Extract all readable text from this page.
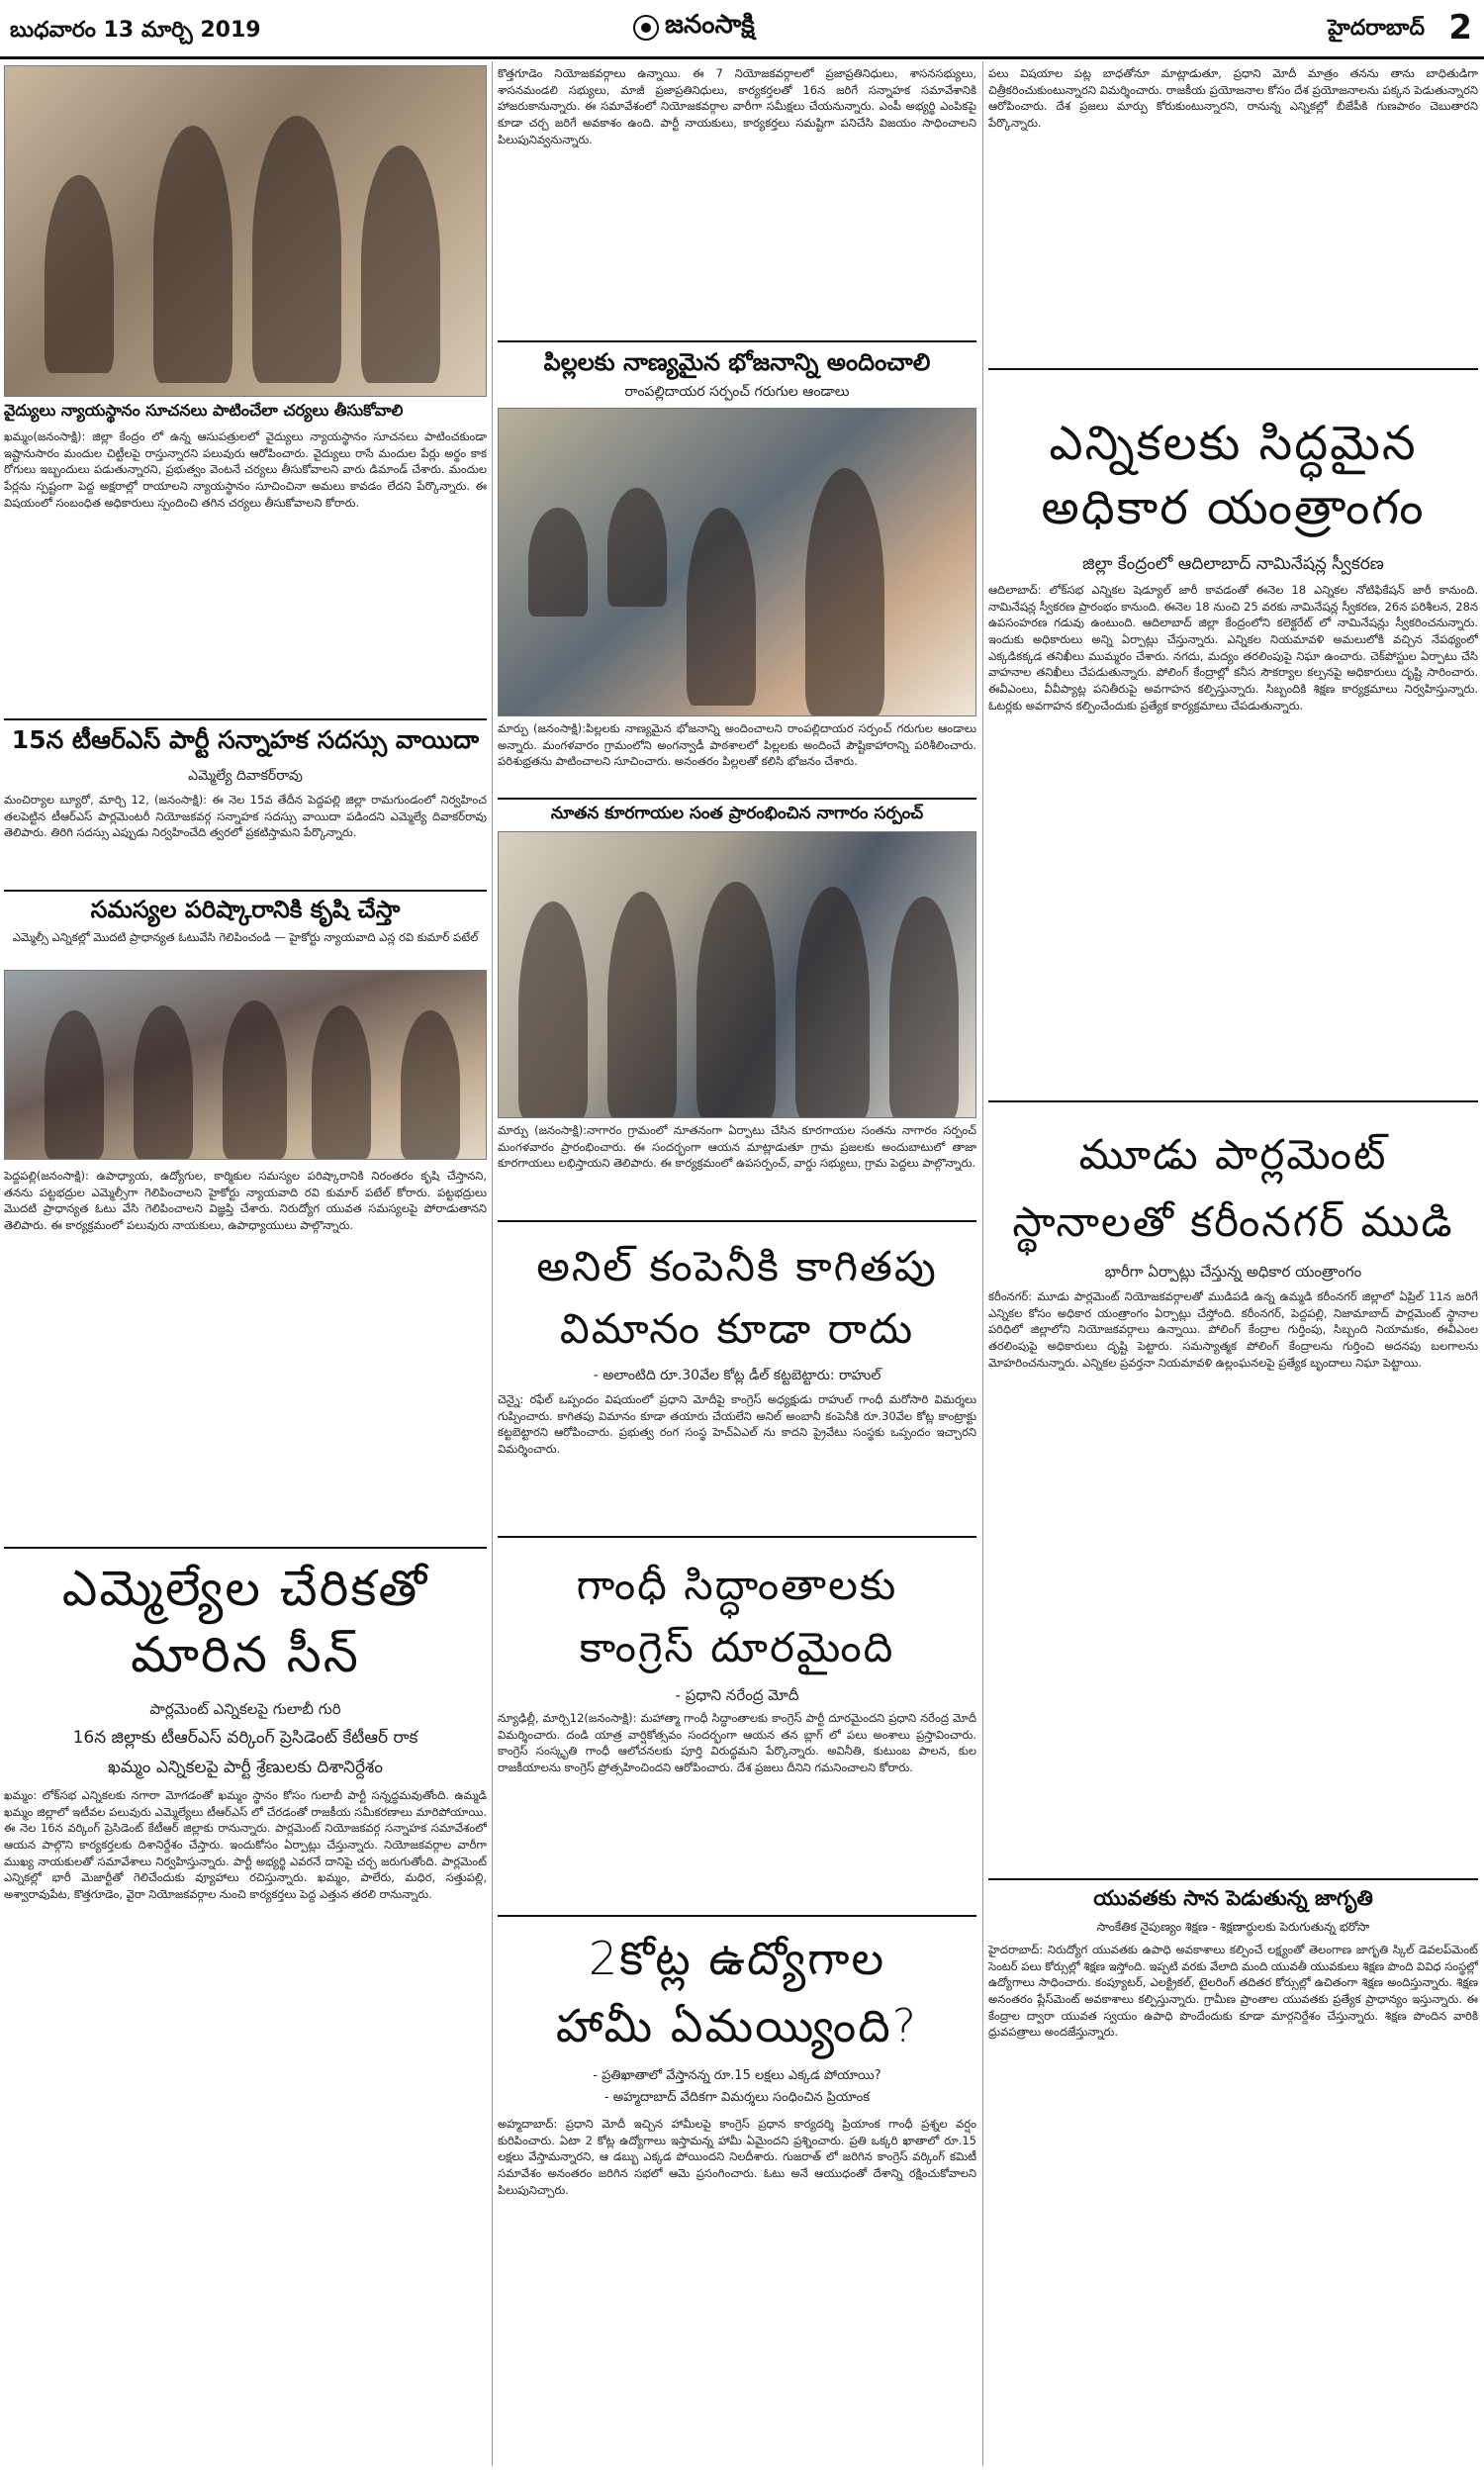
బుధవారం 13 మార్చి 2019	జనంసాక్షి	హైదరాబాద్ 2
వైద్యులు న్యాయస్థానం సూచనలు పాటించేలా చర్యలు తీసుకోవాలి
ఖమ్మం(జనంసాక్షి): జిల్లా కేంద్రం లో ఉన్న ఆసుపత్రులలో వైద్యులు న్యాయస్థానం సూచనలు పాటించకుండా ఇష్టానుసారం మందుల చిట్టీలపై రాస్తున్నారని పలువురు ఆరోపించారు. వైద్యులు రాసే మందుల పేర్లు అర్థం కాక రోగులు ఇబ్బందులు పడుతున్నారని, ప్రభుత్వం వెంటనే చర్యలు తీసుకోవాలని వారు డిమాండ్ చేశారు. మందుల పేర్లను స్పష్టంగా పెద్ద అక్షరాల్లో రాయాలని న్యాయస్థానం సూచించినా అమలు కావడం లేదని పేర్కొన్నారు. ఈ విషయంలో సంబంధిత అధికారులు స్పందించి తగిన చర్యలు తీసుకోవాలని కోరారు.
15న టీఆర్‌ఎస్‌ పార్టీ సన్నాహక సదస్సు వాయిదా
ఎమ్మెల్యే దివాకర్‌రావు
మంచిర్యాల బ్యూరో, మార్చి 12, (జనంసాక్షి): ఈ నెల 15వ తేదీన పెద్దపల్లి జిల్లా రామగుండంలో నిర్వహించ తలపెట్టిన టీఆర్ఎస్ పార్లమెంటరీ నియోజకవర్గ సన్నాహక సదస్సు వాయిదా పడిందని ఎమ్మెల్యే దివాకర్‌రావు తెలిపారు. తిరిగి సదస్సు ఎప్పుడు నిర్వహించేది త్వరలో ప్రకటిస్తామని పేర్కొన్నారు.
సమస్యల పరిష్కారానికి కృషి చేస్తా
ఎమ్మెల్సీ ఎన్నికల్లో మొదటి ప్రాధాన్యత ఓటువేసి గెలిపించండి — హైకోర్టు న్యాయవాది ఎన్ల రవి కుమార్ పటేల్
పెద్దపల్లి(జనంసాక్షి): ఉపాధ్యాయ, ఉద్యోగుల, కార్మికుల సమస్యల పరిష్కారానికి నిరంతరం కృషి చేస్తానని, తనను పట్టభద్రుల ఎమ్మెల్సీగా గెలిపించాలని హైకోర్టు న్యాయవాది రవి కుమార్ పటేల్ కోరారు. పట్టభద్రులు మొదటి ప్రాధాన్యత ఓటు వేసి గెలిపించాలని విజ్ఞప్తి చేశారు. నిరుద్యోగ యువత సమస్యలపై పోరాడుతానని తెలిపారు. ఈ కార్యక్రమంలో పలువురు నాయకులు, ఉపాధ్యాయులు పాల్గొన్నారు.
ఎమ్మెల్యేల చేరికతో
మారిన సీన్
పార్లమెంట్ ఎన్నికలపై గులాబీ గురి
16న జిల్లాకు టీఆర్‌ఎస్‌ వర్కింగ్ ప్రెసిడెంట్ కేటీఆర్ రాక
ఖమ్మం ఎన్నికలపై పార్టీ శ్రేణులకు దిశానిర్దేశం
ఖమ్మం: లోక్‌సభ ఎన్నికలకు నగారా మోగడంతో ఖమ్మం స్థానం కోసం గులాబీ పార్టీ సన్నద్ధమవుతోంది. ఉమ్మడి ఖమ్మం జిల్లాలో ఇటీవల పలువురు ఎమ్మెల్యేలు టీఆర్ఎస్ లో చేరడంతో రాజకీయ సమీకరణాలు మారిపోయాయి. ఈ నెల 16న వర్కింగ్ ప్రెసిడెంట్ కేటీఆర్ జిల్లాకు రానున్నారు. పార్లమెంట్ నియోజకవర్గ సన్నాహక సమావేశంలో ఆయన పాల్గొని కార్యకర్తలకు దిశానిర్దేశం చేస్తారు. ఇందుకోసం ఏర్పాట్లు చేస్తున్నారు. నియోజకవర్గాల వారీగా ముఖ్య నాయకులతో సమావేశాలు నిర్వహిస్తున్నారు. పార్టీ అభ్యర్థి ఎవరనే దానిపై చర్చ జరుగుతోంది. పార్లమెంట్ ఎన్నికల్లో భారీ మెజార్టీతో గెలిచేందుకు వ్యూహాలు రచిస్తున్నారు. ఖమ్మం, పాలేరు, మధిర, సత్తుపల్లి, అశ్వారావుపేట, కొత్తగూడెం, వైరా నియోజకవర్గాల నుంచి కార్యకర్తలు పెద్ద ఎత్తున తరలి రానున్నారు.
కొత్తగూడెం నియోజకవర్గాలు ఉన్నాయి. ఈ 7 నియోజకవర్గాలలో ప్రజాప్రతినిధులు, శాసనసభ్యులు, శాసనమండలి సభ్యులు, మాజీ ప్రజాప్రతినిధులు, కార్యకర్తలతో 16న జరిగే సన్నాహక సమావేశానికి హాజరుకానున్నారు. ఈ సమావేశంలో నియోజకవర్గాల వారీగా సమీక్షలు చేయనున్నారు. ఎంపీ అభ్యర్థి ఎంపికపై కూడా చర్చ జరిగే అవకాశం ఉంది. పార్టీ నాయకులు, కార్యకర్తలు సమష్టిగా పనిచేసి విజయం సాధించాలని పిలుపునివ్వనున్నారు.
పిల్లలకు నాణ్యమైన భోజనాన్ని అందించాలి
రాంపల్లిదాయర సర్పంచ్ గరుగుల ఆండాలు
మార్పు (జనంసాక్షి):పిల్లలకు నాణ్యమైన భోజనాన్ని అందించాలని రాంపల్లిదాయర సర్పంచ్ గరుగుల ఆండాలు అన్నారు. మంగళవారం గ్రామంలోని అంగన్వాడీ పాఠశాలలో పిల్లలకు అందించే పౌష్టికాహారాన్ని పరిశీలించారు. పరిశుభ్రతను పాటించాలని సూచించారు. అనంతరం పిల్లలతో కలిసి భోజనం చేశారు.
నూతన కూరగాయల సంత ప్రారంభించిన నాగారం సర్పంచ్
మార్పు (జనంసాక్షి):నాగారం గ్రామంలో నూతనంగా ఏర్పాటు చేసిన కూరగాయల సంతను నాగారం సర్పంచ్ మంగళవారం ప్రారంభించారు. ఈ సందర్భంగా ఆయన మాట్లాడుతూ గ్రామ ప్రజలకు అందుబాటులో తాజా కూరగాయలు లభిస్తాయని తెలిపారు. ఈ కార్యక్రమంలో ఉపసర్పంచ్, వార్డు సభ్యులు, గ్రామ పెద్దలు పాల్గొన్నారు.
అనిల్ కంపెనీకి కాగితపు
విమానం కూడా రాదు
- అలాంటిది రూ.30వేల కోట్ల డీల్ కట్టబెట్టారు: రాహుల్
చెన్నై: రఫేల్ ఒప్పందం విషయంలో ప్రధాని మోదీపై కాంగ్రెస్ అధ్యక్షుడు రాహుల్ గాంధీ మరోసారి విమర్శలు గుప్పించారు. కాగితపు విమానం కూడా తయారు చేయలేని అనిల్ అంబానీ కంపెనీకి రూ.30వేల కోట్ల కాంట్రాక్టు కట్టబెట్టారని ఆరోపించారు. ప్రభుత్వ రంగ సంస్థ హెచ్ఏఎల్ ను కాదని ప్రైవేటు సంస్థకు ఒప్పందం ఇచ్చారని విమర్శించారు.
గాంధీ సిద్ధాంతాలకు
కాంగ్రెస్ దూరమైంది
- ప్రధాని నరేంద్ర మోదీ
న్యూఢిల్లీ, మార్చి12(జనంసాక్షి): మహాత్మా గాంధీ సిద్ధాంతాలకు కాంగ్రెస్ పార్టీ దూరమైందని ప్రధాని నరేంద్ర మోదీ విమర్శించారు. దండి యాత్ర వార్షికోత్సవం సందర్భంగా ఆయన తన బ్లాగ్ లో పలు అంశాలు ప్రస్తావించారు. కాంగ్రెస్ సంస్కృతి గాంధీ ఆలోచనలకు పూర్తి విరుద్ధమని పేర్కొన్నారు. అవినీతి, కుటుంబ పాలన, కుల రాజకీయాలను కాంగ్రెస్ ప్రోత్సహించిందని ఆరోపించారు. దేశ ప్రజలు దీనిని గమనించాలని కోరారు.
2కోట్ల ఉద్యోగాల
హామీ ఏమయ్యింది?
- ప్రతిఖాతాలో వేస్తానన్న రూ.15 లక్షలు ఎక్కడ పోయాయి?
- అహ్మదాబాద్ వేదికగా విమర్శలు సంధించిన ప్రియాంక
అహ్మదాబాద్: ప్రధాని మోదీ ఇచ్చిన హామీలపై కాంగ్రెస్ ప్రధాన కార్యదర్శి ప్రియాంక గాంధీ ప్రశ్నల వర్షం కురిపించారు. ఏటా 2 కోట్ల ఉద్యోగాలు ఇస్తామన్న హామీ ఏమైందని ప్రశ్నించారు. ప్రతి ఒక్కరి ఖాతాలో రూ.15 లక్షలు వేస్తామన్నారని, ఆ డబ్బు ఎక్కడ పోయిందని నిలదీశారు. గుజరాత్ లో జరిగిన కాంగ్రెస్ వర్కింగ్ కమిటీ సమావేశం అనంతరం జరిగిన సభలో ఆమె ప్రసంగించారు. ఓటు అనే ఆయుధంతో దేశాన్ని రక్షించుకోవాలని పిలుపునిచ్చారు.
పలు విషయాల పట్ల బాధతోనూ మాట్లాడుతూ, ప్రధాని మోదీ మాత్రం తనను తాను బాధితుడిగా చిత్రీకరించుకుంటున్నారని విమర్శించారు. రాజకీయ ప్రయోజనాల కోసం దేశ ప్రయోజనాలను పక్కన పెడుతున్నారని ఆరోపించారు. దేశ ప్రజలు మార్పు కోరుకుంటున్నారని, రానున్న ఎన్నికల్లో బీజేపీకి గుణపాఠం చెబుతారని పేర్కొన్నారు.
ఎన్నికలకు సిద్ధమైన
అధికార యంత్రాంగం
జిల్లా కేంద్రంలో ఆదిలాబాద్ నామినేషన్ల స్వీకరణ
ఆదిలాబాద్: లోక్‌సభ ఎన్నికల షెడ్యూల్ జారీ కావడంతో ఈనెల 18 ఎన్నికల నోటిఫికేషన్ జారీ కానుంది. నామినేషన్ల స్వీకరణ ప్రారంభం కానుంది. ఈనెల 18 నుంచి 25 వరకు నామినేషన్ల స్వీకరణ, 26న పరిశీలన, 28న ఉపసంహరణ గడువు ఉంటుంది. ఆదిలాబాద్ జిల్లా కేంద్రంలోని కలెక్టరేట్ లో నామినేషన్లు స్వీకరించనున్నారు. ఇందుకు అధికారులు అన్ని ఏర్పాట్లు చేస్తున్నారు. ఎన్నికల నియమావళి అమలులోకి వచ్చిన నేపథ్యంలో ఎక్కడికక్కడ తనిఖీలు ముమ్మరం చేశారు. నగదు, మద్యం తరలింపుపై నిఘా ఉంచారు. చెక్‌పోస్టుల ఏర్పాటు చేసి వాహనాల తనిఖీలు చేపడుతున్నారు. పోలింగ్ కేంద్రాల్లో కనీస సౌకర్యాల కల్పనపై అధికారులు దృష్టి సారించారు. ఈవీఎంలు, వీవీప్యాట్ల పనితీరుపై అవగాహన కల్పిస్తున్నారు. సిబ్బందికి శిక్షణ కార్యక్రమాలు నిర్వహిస్తున్నారు. ఓటర్లకు అవగాహన కల్పించేందుకు ప్రత్యేక కార్యక్రమాలు చేపడుతున్నారు.
మూడు పార్లమెంట్
స్థానాలతో కరీంనగర్ ముడి
భారీగా ఏర్పాట్లు చేస్తున్న అధికార యంత్రాంగం
కరీంనగర్: మూడు పార్లమెంట్ నియోజకవర్గాలతో ముడిపడి ఉన్న ఉమ్మడి కరీంనగర్ జిల్లాలో ఏప్రిల్ 11న జరిగే ఎన్నికల కోసం అధికార యంత్రాంగం ఏర్పాట్లు చేస్తోంది. కరీంనగర్, పెద్దపల్లి, నిజామాబాద్ పార్లమెంట్ స్థానాల పరిధిలో జిల్లాలోని నియోజకవర్గాలు ఉన్నాయి. పోలింగ్ కేంద్రాల గుర్తింపు, సిబ్బంది నియామకం, ఈవీఎంల తరలింపుపై అధికారులు దృష్టి పెట్టారు. సమస్యాత్మక పోలింగ్ కేంద్రాలను గుర్తించి అదనపు బలగాలను మోహరించనున్నారు. ఎన్నికల ప్రవర్తనా నియమావళి ఉల్లంఘనలపై ప్రత్యేక బృందాలు నిఘా పెట్టాయి.
యువతకు సాన పెడుతున్న జాగృతి
సాంకేతిక నైపుణ్యం శిక్షణ - శిక్షణార్థులకు పెరుగుతున్న భరోసా
హైదరాబాద్: నిరుద్యోగ యువతకు ఉపాధి అవకాశాలు కల్పించే లక్ష్యంతో తెలంగాణ జాగృతి స్కిల్ డెవలప్‌మెంట్ సెంటర్ పలు కోర్సుల్లో శిక్షణ ఇస్తోంది. ఇప్పటి వరకు వేలాది మంది యువతీ యువకులు శిక్షణ పొంది వివిధ సంస్థల్లో ఉద్యోగాలు సాధించారు. కంప్యూటర్, ఎలక్ట్రికల్, టైలరింగ్ తదితర కోర్సుల్లో ఉచితంగా శిక్షణ అందిస్తున్నారు. శిక్షణ అనంతరం ప్లేస్‌మెంట్ అవకాశాలు కల్పిస్తున్నారు. గ్రామీణ ప్రాంతాల యువతకు ప్రత్యేక ప్రాధాన్యం ఇస్తున్నారు. ఈ కేంద్రాల ద్వారా యువత స్వయం ఉపాధి పొందేందుకు కూడా మార్గనిర్దేశం చేస్తున్నారు. శిక్షణ పొందిన వారికి ధ్రువపత్రాలు అందజేస్తున్నారు.
